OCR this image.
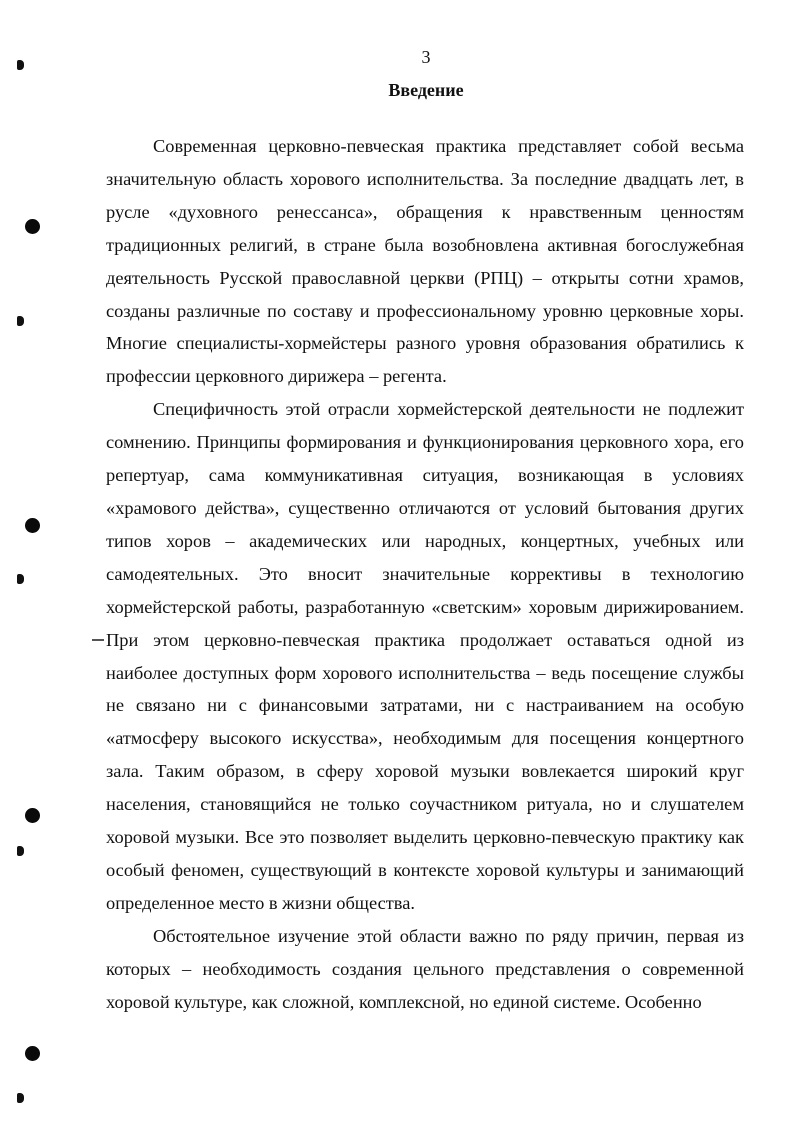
3
Введение

Современная церковно-певческая практика представляет собой весьма значительную область хорового исполнительства. За последние двадцать лет, в русле «духовного ренессанса», обращения к нравственным ценностям традиционных религий, в стране была возобновлена активная богослужебная деятельность Русской православной церкви (РПЦ) – открыты сотни храмов, созданы различные по составу и профессиональному уровню церковные хоры. Многие специалисты-хормейстеры разного уровня образования обратились к профессии церковного дирижера – регента.

Специфичность этой отрасли хормейстерской деятельности не подлежит сомнению. Принципы формирования и функционирования церковного хора, его репертуар, сама коммуникативная ситуация, возникающая в условиях «храмового действа», существенно отличаются от условий бытования других типов хоров – академических или народных, концертных, учебных или самодеятельных. Это вносит значительные коррективы в технологию хормейстерской работы, разработанную «светским» хоровым дирижированием. При этом церковно-певческая практика продолжает оставаться одной из наиболее доступных форм хорового исполнительства – ведь посещение службы не связано ни с финансовыми затратами, ни с настраиванием на особую «атмосферу высокого искусства», необходимым для посещения концертного зала. Таким образом, в сферу хоровой музыки вовлекается широкий круг населения, становящийся не только соучастником ритуала, но и слушателем хоровой музыки. Все это позволяет выделить церковно-певческую практику как особый феномен, существующий в контексте хоровой культуры и занимающий определенное место в жизни общества.

Обстоятельное изучение этой области важно по ряду причин, первая из которых – необходимость создания цельного представления о современной хоровой культуре, как сложной, комплексной, но единой системе. Особенно
